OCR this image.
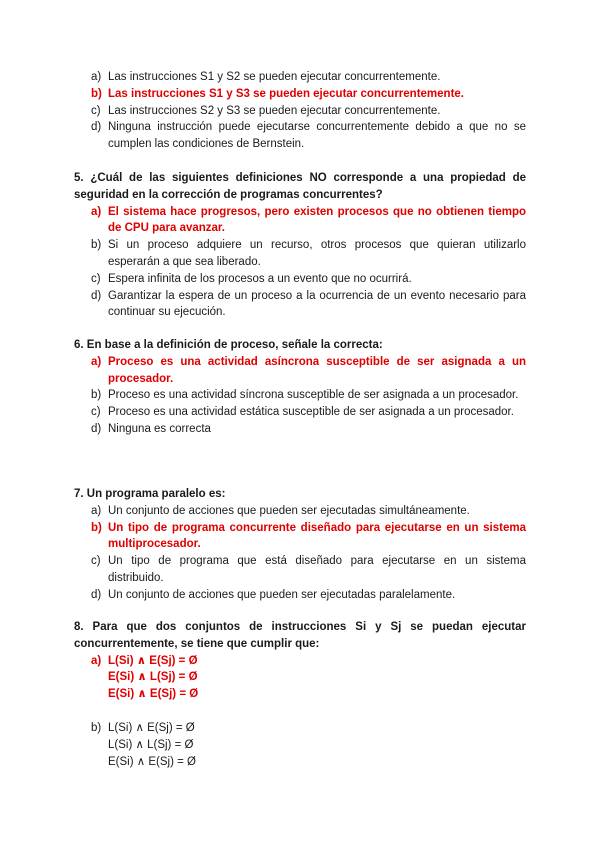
a) Las instrucciones S1 y S2 se pueden ejecutar concurrentemente.
b) Las instrucciones S1 y S3 se pueden ejecutar concurrentemente.
c) Las instrucciones S2 y S3 se pueden ejecutar concurrentemente.
d) Ninguna instrucción puede ejecutarse concurrentemente debido a que no se cumplen las condiciones de Bernstein.
5. ¿Cuál de las siguientes definiciones NO corresponde a una propiedad de seguridad en la corrección de programas concurrentes?
a) El sistema hace progresos, pero existen procesos que no obtienen tiempo de CPU para avanzar.
b) Si un proceso adquiere un recurso, otros procesos que quieran utilizarlo esperarán a que sea liberado.
c) Espera infinita de los procesos a un evento que no ocurrirá.
d) Garantizar la espera de un proceso a la ocurrencia de un evento necesario para continuar su ejecución.
6. En base a la definición de proceso, señale la correcta:
a) Proceso es una actividad asíncrona susceptible de ser asignada a un procesador.
b) Proceso es una actividad síncrona susceptible de ser asignada a un procesador.
c) Proceso es una actividad estática susceptible de ser asignada a un procesador.
d) Ninguna es correcta
7. Un programa paralelo es:
a) Un conjunto de acciones que pueden ser ejecutadas simultáneamente.
b) Un tipo de programa concurrente diseñado para ejecutarse en un sistema multiprocesador.
c) Un tipo de programa que está diseñado para ejecutarse en un sistema distribuido.
d) Un conjunto de acciones que pueden ser ejecutadas paralelamente.
8. Para que dos conjuntos de instrucciones Si y Sj se puedan ejecutar concurrentemente, se tiene que cumplir que:
a) L(Si) ∧ E(Sj) = Ø
E(Si) ∧ L(Sj) = Ø
E(Si) ∧ E(Sj) = Ø
b) L(Si) ∧ E(Sj) = Ø
L(Si) ∧ L(Sj) = Ø
E(Si) ∧ E(Sj) = Ø
